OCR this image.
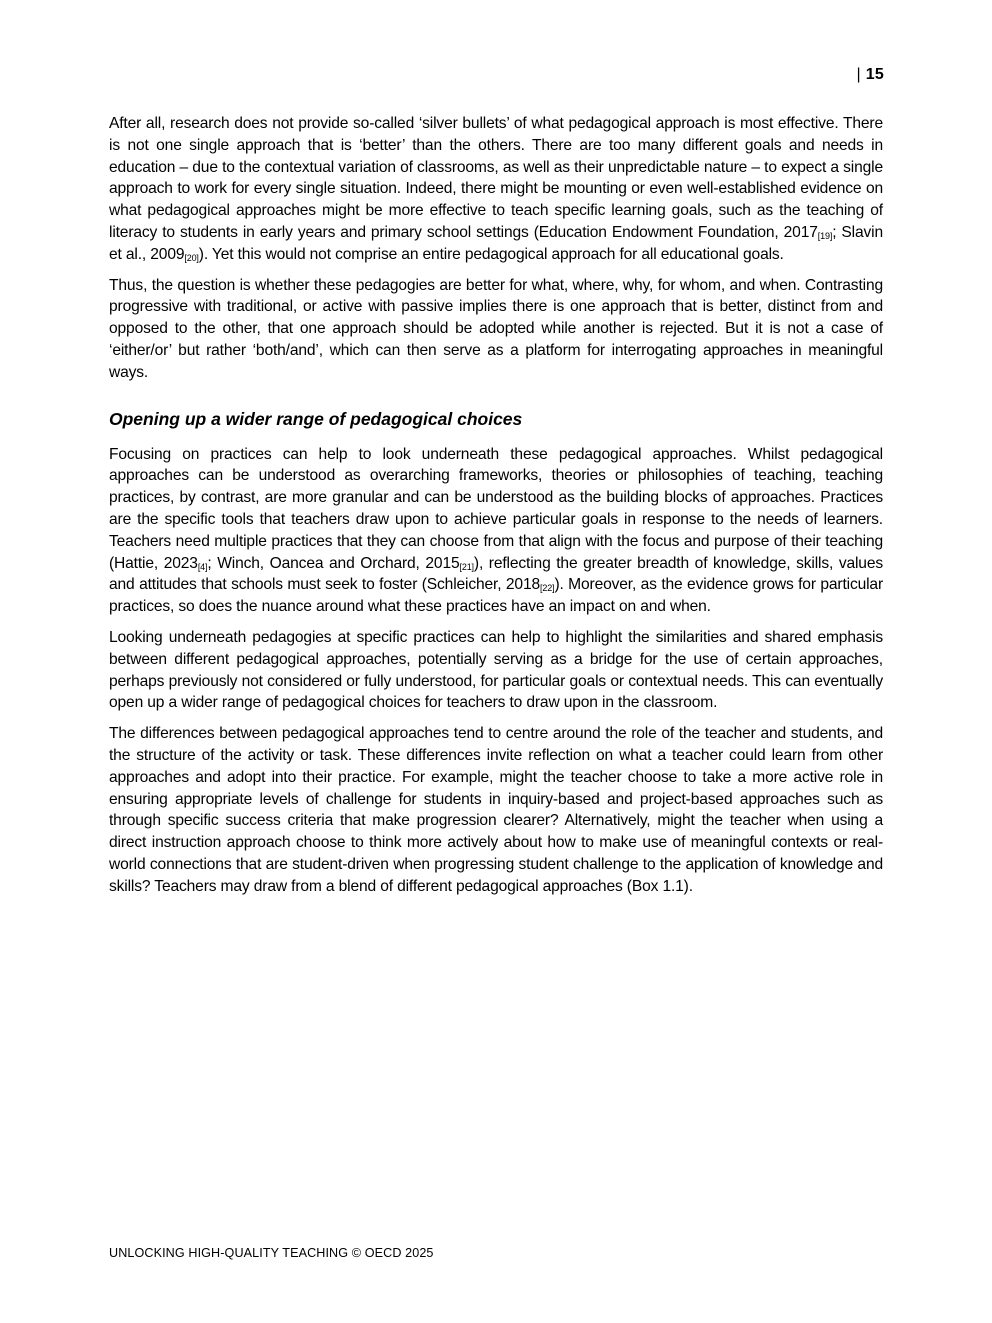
| 15

After all, research does not provide so-called ‘silver bullets’ of what pedagogical approach is most effective. There is not one single approach that is ‘better’ than the others. There are too many different goals and needs in education – due to the contextual variation of classrooms, as well as their unpredictable nature – to expect a single approach to work for every single situation. Indeed, there might be mounting or even well-established evidence on what pedagogical approaches might be more effective to teach specific learning goals, such as the teaching of literacy to students in early years and primary school settings (Education Endowment Foundation, $2017_{[19]}$; Slavin et al., $2009_{[20]}$). Yet this would not comprise an entire pedagogical approach for all educational goals.

Thus, the question is whether these pedagogies are better for what, where, why, for whom, and when. Contrasting progressive with traditional, or active with passive implies there is one approach that is better, distinct from and opposed to the other, that one approach should be adopted while another is rejected. But it is not a case of ‘either/or’ but rather ‘both/and’, which can then serve as a platform for interrogating approaches in meaningful ways.

Opening up a wider range of pedagogical choices

Focusing on practices can help to look underneath these pedagogical approaches. Whilst pedagogical approaches can be understood as overarching frameworks, theories or philosophies of teaching, teaching practices, by contrast, are more granular and can be understood as the building blocks of approaches. Practices are the specific tools that teachers draw upon to achieve particular goals in response to the needs of learners. Teachers need multiple practices that they can choose from that align with the focus and purpose of their teaching (Hattie, $2023_{[4]}$; Winch, Oancea and Orchard, $2015_{[21]}$), reflecting the greater breadth of knowledge, skills, values and attitudes that schools must seek to foster (Schleicher, $2018_{[22]}$). Moreover, as the evidence grows for particular practices, so does the nuance around what these practices have an impact on and when.

Looking underneath pedagogies at specific practices can help to highlight the similarities and shared emphasis between different pedagogical approaches, potentially serving as a bridge for the use of certain approaches, perhaps previously not considered or fully understood, for particular goals or contextual needs. This can eventually open up a wider range of pedagogical choices for teachers to draw upon in the classroom.

The differences between pedagogical approaches tend to centre around the role of the teacher and students, and the structure of the activity or task. These differences invite reflection on what a teacher could learn from other approaches and adopt into their practice. For example, might the teacher choose to take a more active role in ensuring appropriate levels of challenge for students in inquiry-based and project-based approaches such as through specific success criteria that make progression clearer? Alternatively, might the teacher when using a direct instruction approach choose to think more actively about how to make use of meaningful contexts or real-world connections that are student-driven when progressing student challenge to the application of knowledge and skills? Teachers may draw from a blend of different pedagogical approaches (Box 1.1).

UNLOCKING HIGH-QUALITY TEACHING © OECD 2025
